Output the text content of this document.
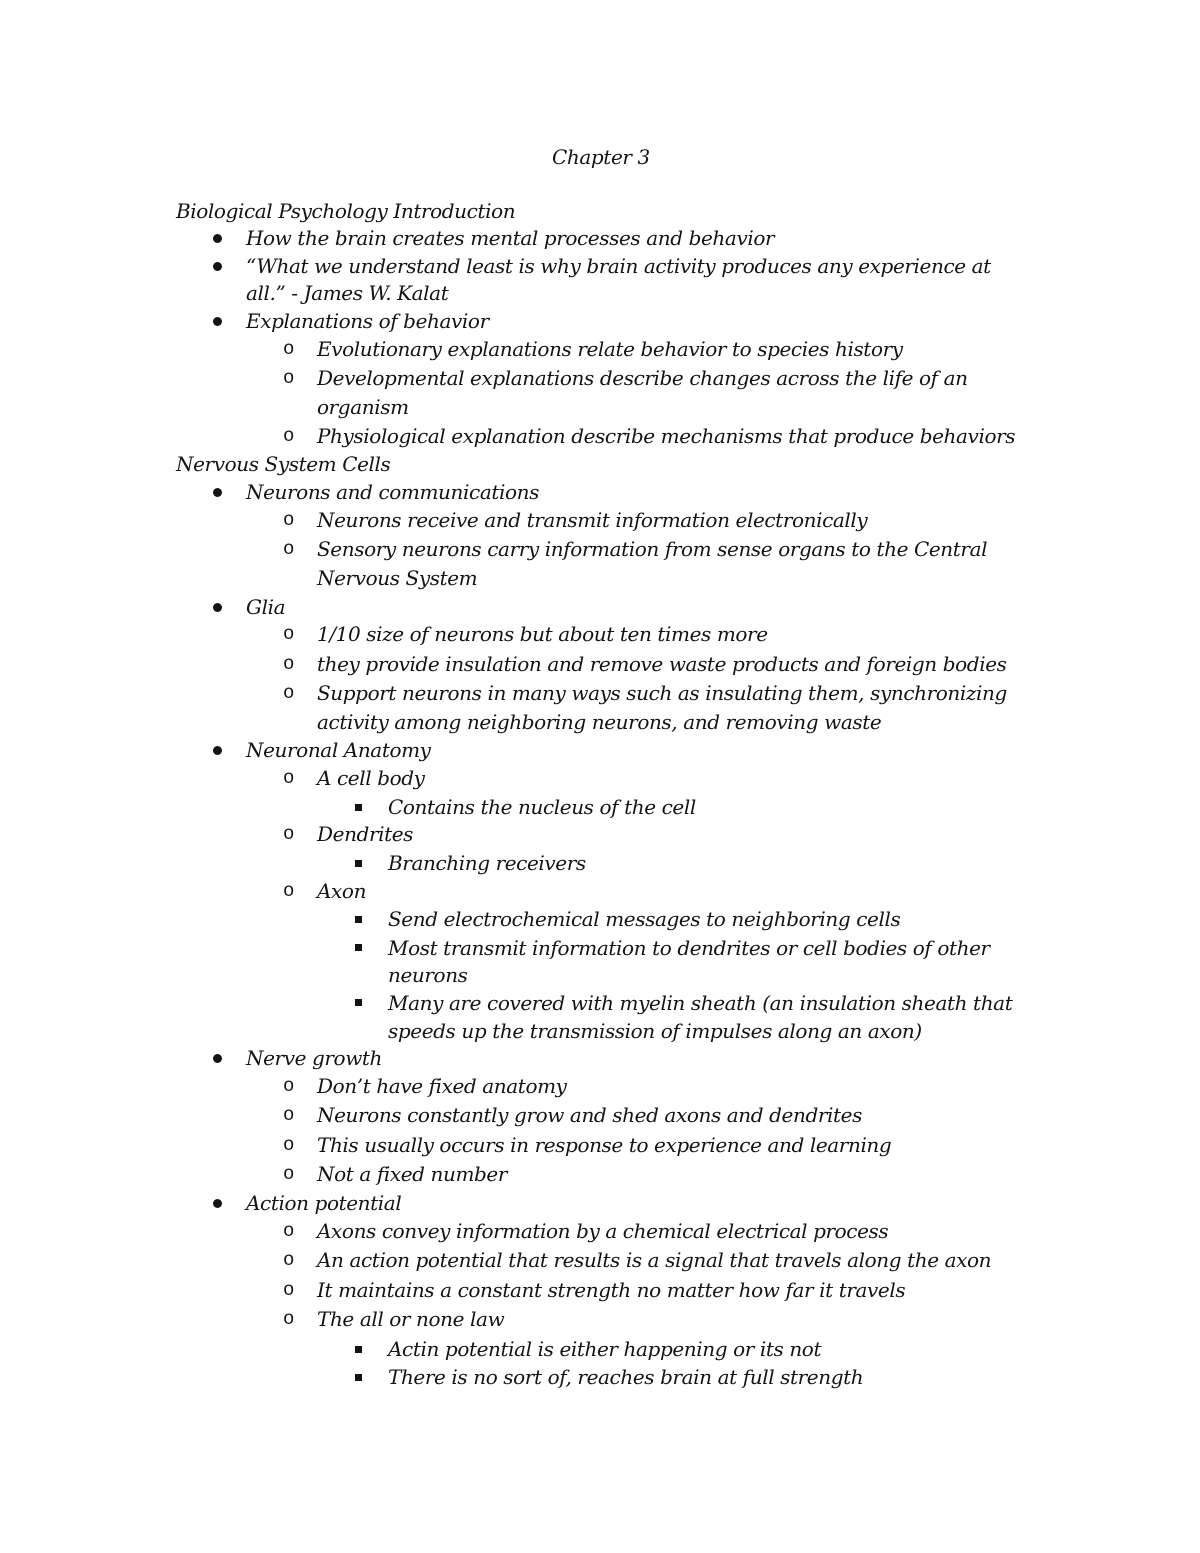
Chapter 3
Biological Psychology Introduction
How the brain creates mental processes and behavior
“What we understand least is why brain activity produces any experience at
all.” - James W. Kalat
Explanations of behavior
o Evolutionary explanations relate behavior to species history
o Developmental explanations describe changes across the life of an
organism
o Physiological explanation describe mechanisms that produce behaviors
Nervous System Cells
Neurons and communications
o Neurons receive and transmit information electronically
o Sensory neurons carry information from sense organs to the Central
Nervous System
Glia
o 1/10 size of neurons but about ten times more
o they provide insulation and remove waste products and foreign bodies
o Support neurons in many ways such as insulating them, synchronizing
activity among neighboring neurons, and removing waste
Neuronal Anatomy
o A cell body
Contains the nucleus of the cell
o Dendrites
Branching receivers
o Axon
Send electrochemical messages to neighboring cells
Most transmit information to dendrites or cell bodies of other
neurons
Many are covered with myelin sheath (an insulation sheath that
speeds up the transmission of impulses along an axon)
Nerve growth
o Don’t have fixed anatomy
o Neurons constantly grow and shed axons and dendrites
o This usually occurs in response to experience and learning
o Not a fixed number
Action potential
o Axons convey information by a chemical electrical process
o An action potential that results is a signal that travels along the axon
o It maintains a constant strength no matter how far it travels
o The all or none law
Actin potential is either happening or its not
There is no sort of, reaches brain at full strength
